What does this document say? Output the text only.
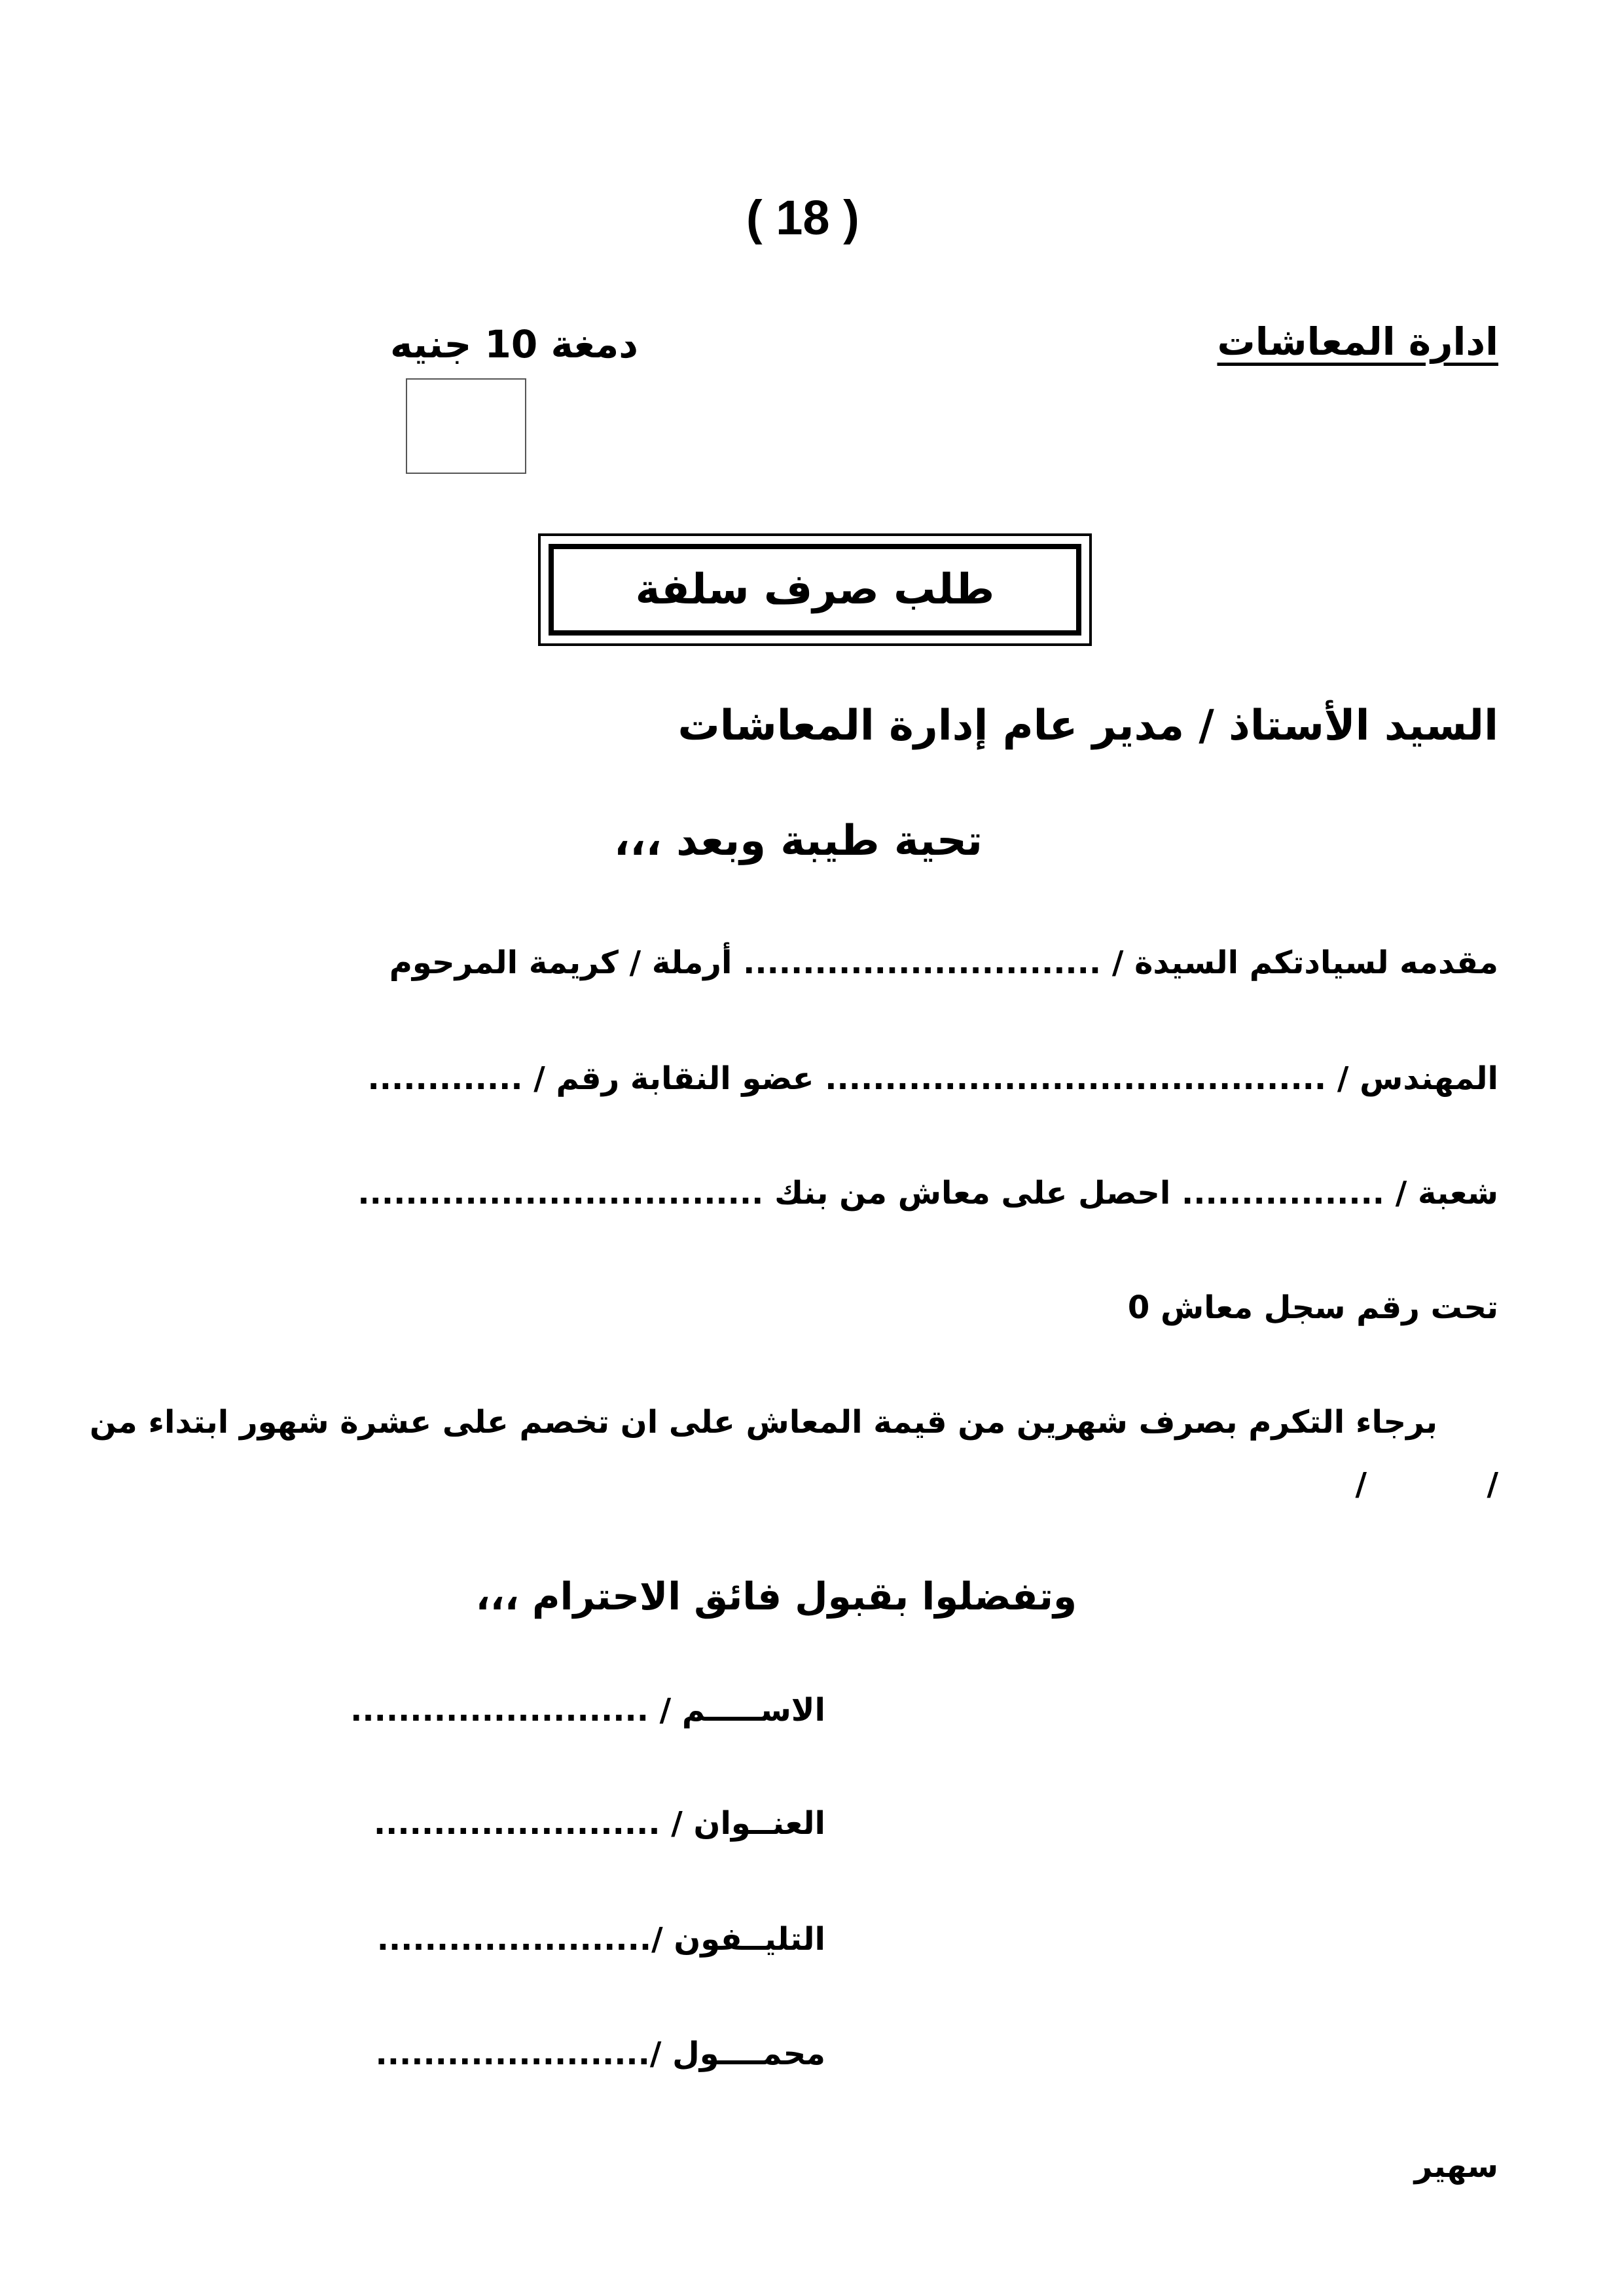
( 18 )
ادارة المعاشات
دمغة 10 جنيه
طلب صرف سلفة
السيد الأستاذ / مدير عام إدارة المعاشات
تحية طيبة وبعد ،،،
مقدمه لسيادتكم السيدة / .............................. أرملة / كريمة المرحوم
المهندس / .......................................... عضو النقابة رقم / .............
شعبة / ................. احصل على معاش من بنك ..................................
تحت رقم سجل معاش 0
برجاء التكرم بصرف شهرين من قيمة المعاش على ان تخصم على عشرة شهور ابتداء من
/	/
وتفضلوا بقبول فائق الاحترام ،،،
الاســـــم / .........................
العنــوان / ........................
التليــفون /.......................
محمــــول /.......................
سهير
